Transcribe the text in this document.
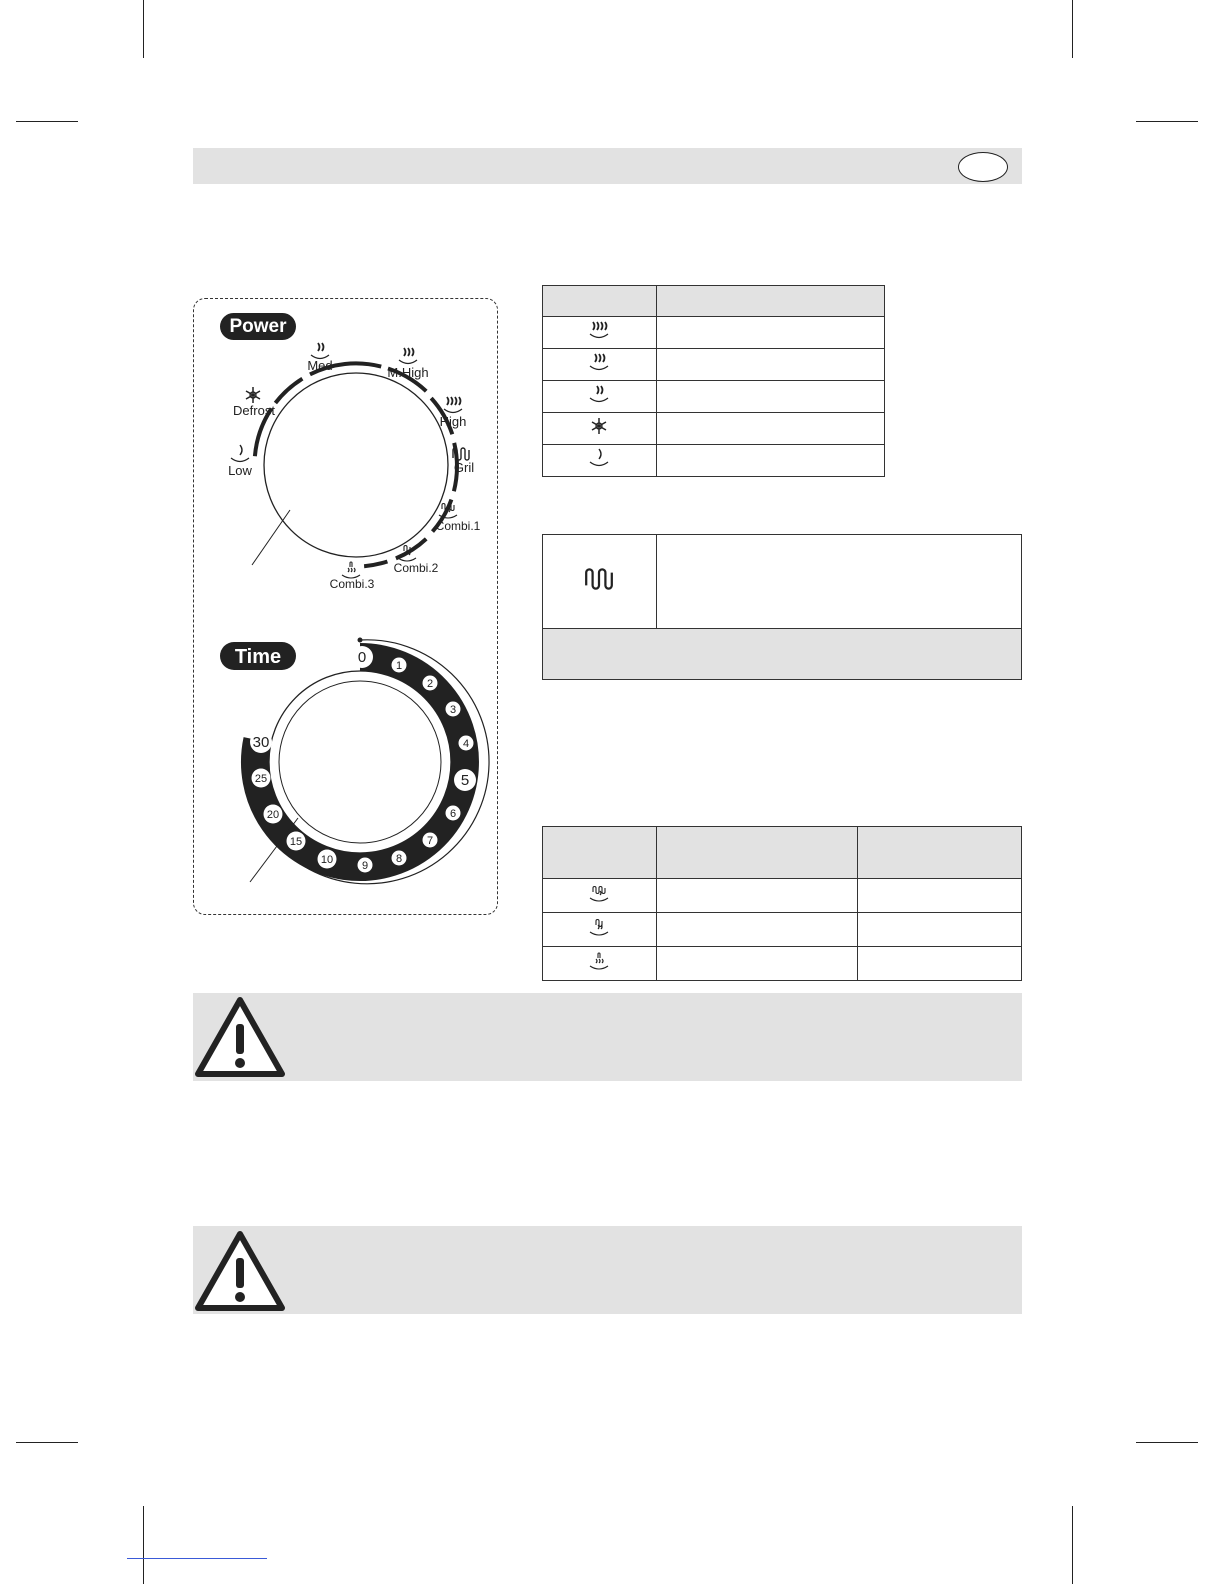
Power
Low
Defrost
Med	M.High
High
Gril
Combi.1
Combi.2
Combi.3
Time	0	1
2
3
4
5
6
7
8
9
10
15
20
25
30
